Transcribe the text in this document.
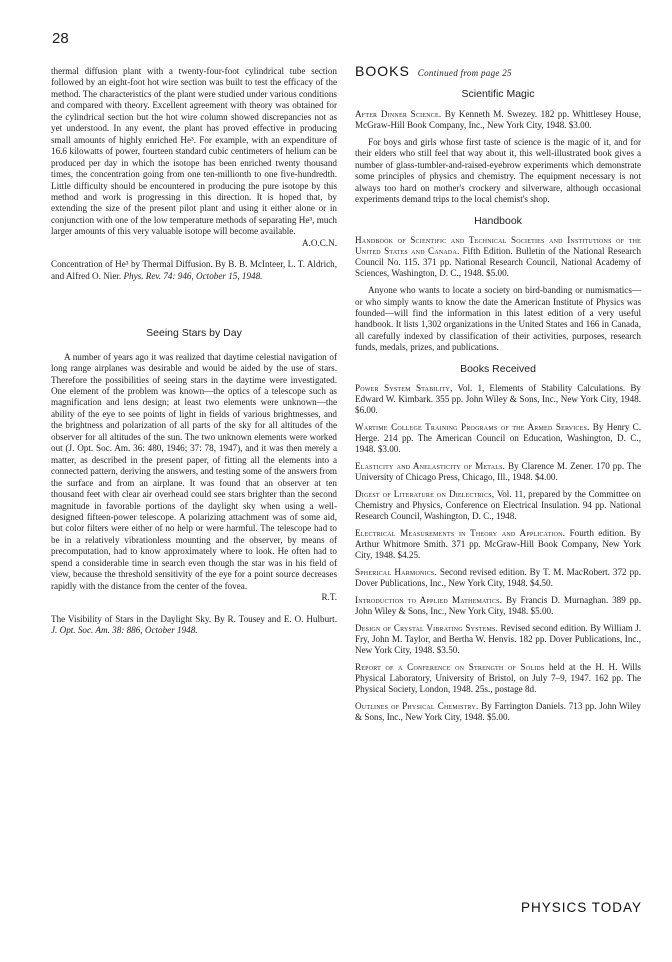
28

thermal diffusion plant with a twenty-four-foot cylindrical tube section followed by an eight-foot hot wire section was built to test the efficacy of the method. The characteristics of the plant were studied under various conditions and compared with theory. Excellent agreement with theory was obtained for the cylindrical section but the hot wire column showed discrepancies not as yet understood. In any event, the plant has proved effective in producing small amounts of highly enriched He³. For example, with an expenditure of 16.6 kilowatts of power, fourteen standard cubic centimeters of helium can be produced per day in which the isotope has been enriched twenty thousand times, the concentration going from one ten-millionth to one five-hundredth. Little difficulty should be encountered in producing the pure isotope by this method and work is progressing in this direction. It is hoped that, by extending the size of the present pilot plant and using it either alone or in conjunction with one of the low temperature methods of separating He³, much larger amounts of this very valuable isotope will become available.

A.O.C.N.

Concentration of He³ by Thermal Diffusion. By B. B. McInteer, L. T. Aldrich, and Alfred O. Nier. Phys. Rev. 74: 946, October 15, 1948.

Seeing Stars by Day

A number of years ago it was realized that daytime celestial navigation of long range airplanes was desirable and would be aided by the use of stars. Therefore the possibilities of seeing stars in the daytime were investigated. One element of the problem was known—the optics of a telescope such as magnification and lens design; at least two elements were unknown—the ability of the eye to see points of light in fields of various brightnesses, and the brightness and polarization of all parts of the sky for all altitudes of the observer for all altitudes of the sun. The two unknown elements were worked out (J. Opt. Soc. Am. 36: 480, 1946; 37: 78, 1947), and it was then merely a matter, as described in the present paper, of fitting all the elements into a connected pattern, deriving the answers, and testing some of the answers from the surface and from an airplane. It was found that an observer at ten thousand feet with clear air overhead could see stars brighter than the second magnitude in favorable portions of the daylight sky when using a well-designed fifteen-power telescope. A polarizing attachment was of some aid, but color filters were either of no help or were harmful. The telescope had to be in a relatively vibrationless mounting and the observer, by means of precomputation, had to know approximately where to look. He often had to spend a considerable time in search even though the star was in his field of view, because the threshold sensitivity of the eye for a point source decreases rapidly with the distance from the center of the fovea.

R.T.

The Visibility of Stars in the Daylight Sky. By R. Tousey and E. O. Hulburt. J. Opt. Soc. Am. 38: 886, October 1948.

BOOKS Continued from page 25
Scientific Magic

After Dinner Science. By Kenneth M. Swezey. 182 pp. Whittlesey House, McGraw-Hill Book Company, Inc., New York City, 1948. $3.00.

For boys and girls whose first taste of science is the magic of it, and for their elders who still feel that way about it, this well-illustrated book gives a number of glass-tumbler-and-raised-eyebrow experiments which demonstrate some principles of physics and chemistry. The equipment necessary is not always too hard on mother's crockery and silverware, although occasional experiments demand trips to the local chemist's shop.

Handbook

Handbook of Scientific and Technical Societies and Institutions of the United States and Canada. Fifth Edition. Bulletin of the National Research Council No. 115. 371 pp. National Research Council, National Academy of Sciences, Washington, D. C., 1948. $5.00.

Anyone who wants to locate a society on bird-banding or numismatics—or who simply wants to know the date the American Institute of Physics was founded—will find the information in this latest edition of a very useful handbook. It lists 1,302 organizations in the United States and 166 in Canada, all carefully indexed by classification of their activities, purposes, research funds, medals, prizes, and publications.

Books Received

Power System Stability, Vol. 1, Elements of Stability Calculations. By Edward W. Kimbark. 355 pp. John Wiley & Sons, Inc., New York City, 1948. $6.00.

Wartime College Training Programs of the Armed Services. By Henry C. Herge. 214 pp. The American Council on Education, Washington, D. C., 1948. $3.00.

Elasticity and Anelasticity of Metals. By Clarence M. Zener. 170 pp. The University of Chicago Press, Chicago, Ill., 1948. $4.00.

Digest of Literature on Dielectrics, Vol. 11, prepared by the Committee on Chemistry and Physics, Conference on Electrical Insulation. 94 pp. National Research Council, Washington, D. C., 1948.

Electrical Measurements in Theory and Application. Fourth edition. By Arthur Whitmore Smith. 371 pp. McGraw-Hill Book Company, New York City, 1948. $4.25.

Spherical Harmonics. Second revised edition. By T. M. MacRobert. 372 pp. Dover Publications, Inc., New York City, 1948. $4.50.

Introduction to Applied Mathematics. By Francis D. Murnaghan. 389 pp. John Wiley & Sons, Inc., New York City, 1948. $5.00.

Design of Crystal Vibrating Systems. Revised second edition. By William J. Fry, John M. Taylor, and Bertha W. Henvis. 182 pp. Dover Publications, Inc., New York City, 1948. $3.50.

Report of a Conference on Strength of Solids held at the H. H. Wills Physical Laboratory, University of Bristol, on July 7–9, 1947. 162 pp. The Physical Society, London, 1948. 25s., postage 8d.

Outlines of Physical Chemistry. By Farrington Daniels. 713 pp. John Wiley & Sons, Inc., New York City, 1948. $5.00.

PHYSICS TODAY
